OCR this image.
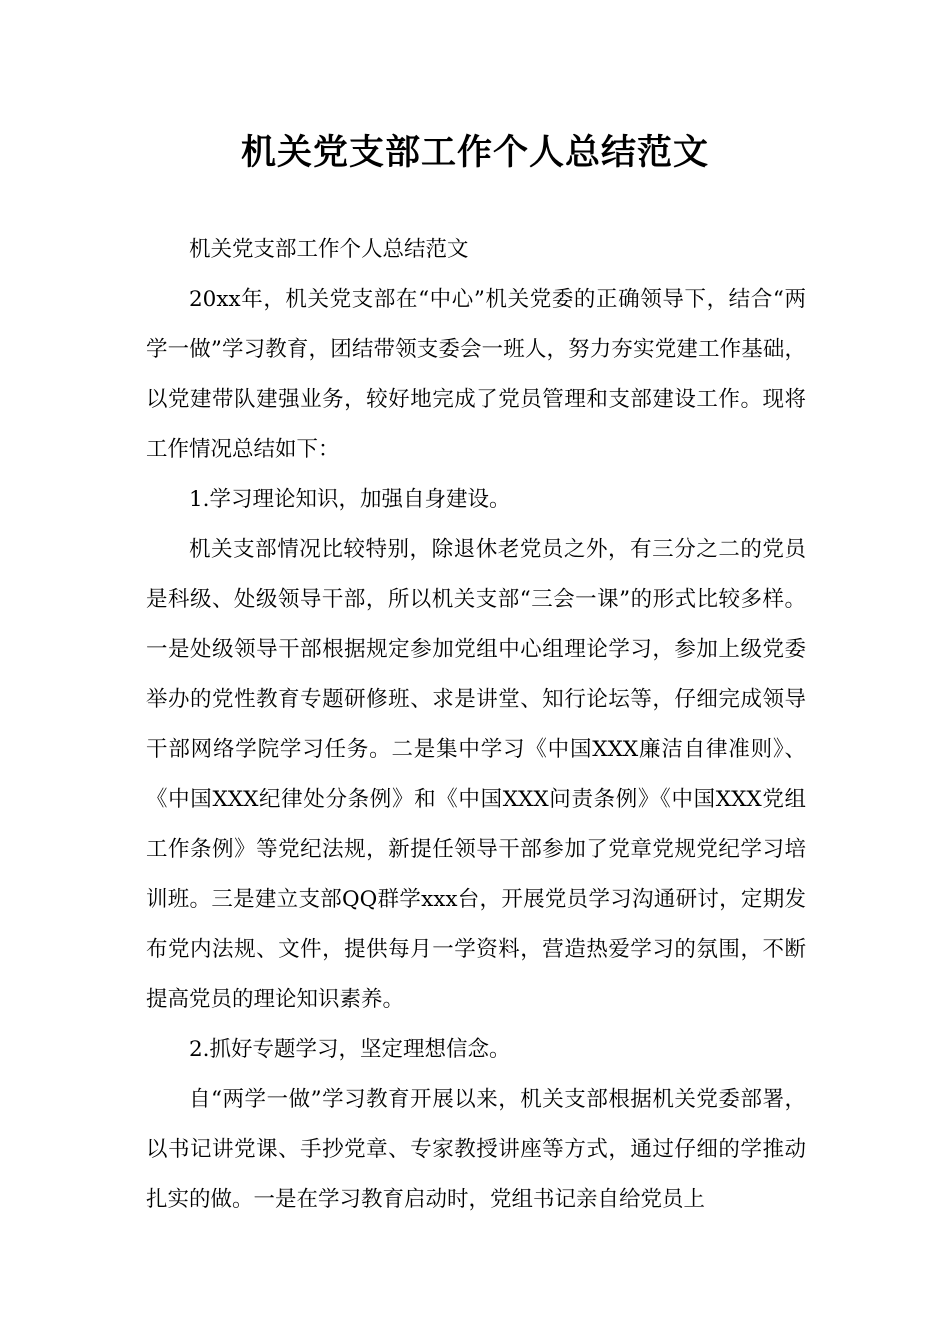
机关党支部工作个人总结范文

机关党支部工作个人总结范文

20xx年，机关党支部在“中心”机关党委的正确领导下，结合“两学一做”学习教育，团结带领支委会一班人，努力夯实党建工作基础，以党建带队建强业务，较好地完成了党员管理和支部建设工作。现将工作情况总结如下：

1.学习理论知识，加强自身建设。

机关支部情况比较特别，除退休老党员之外，有三分之二的党员是科级、处级领导干部，所以机关支部“三会一课”的形式比较多样。一是处级领导干部根据规定参加党组中心组理论学习，参加上级党委举办的党性教育专题研修班、求是讲堂、知行论坛等，仔细完成领导干部网络学院学习任务。二是集中学习《中国XXX廉洁自律准则》、《中国XXX纪律处分条例》和《中国XXX问责条例》《中国XXX党组工作条例》等党纪法规，新提任领导干部参加了党章党规党纪学习培训班。三是建立支部QQ群学xxx台，开展党员学习沟通研讨，定期发布党内法规、文件，提供每月一学资料，营造热爱学习的氛围，不断提高党员的理论知识素养。

2.抓好专题学习，坚定理想信念。

自“两学一做”学习教育开展以来，机关支部根据机关党委部署，以书记讲党课、手抄党章、专家教授讲座等方式，通过仔细的学推动扎实的做。一是在学习教育启动时，党组书记亲自给党员上
